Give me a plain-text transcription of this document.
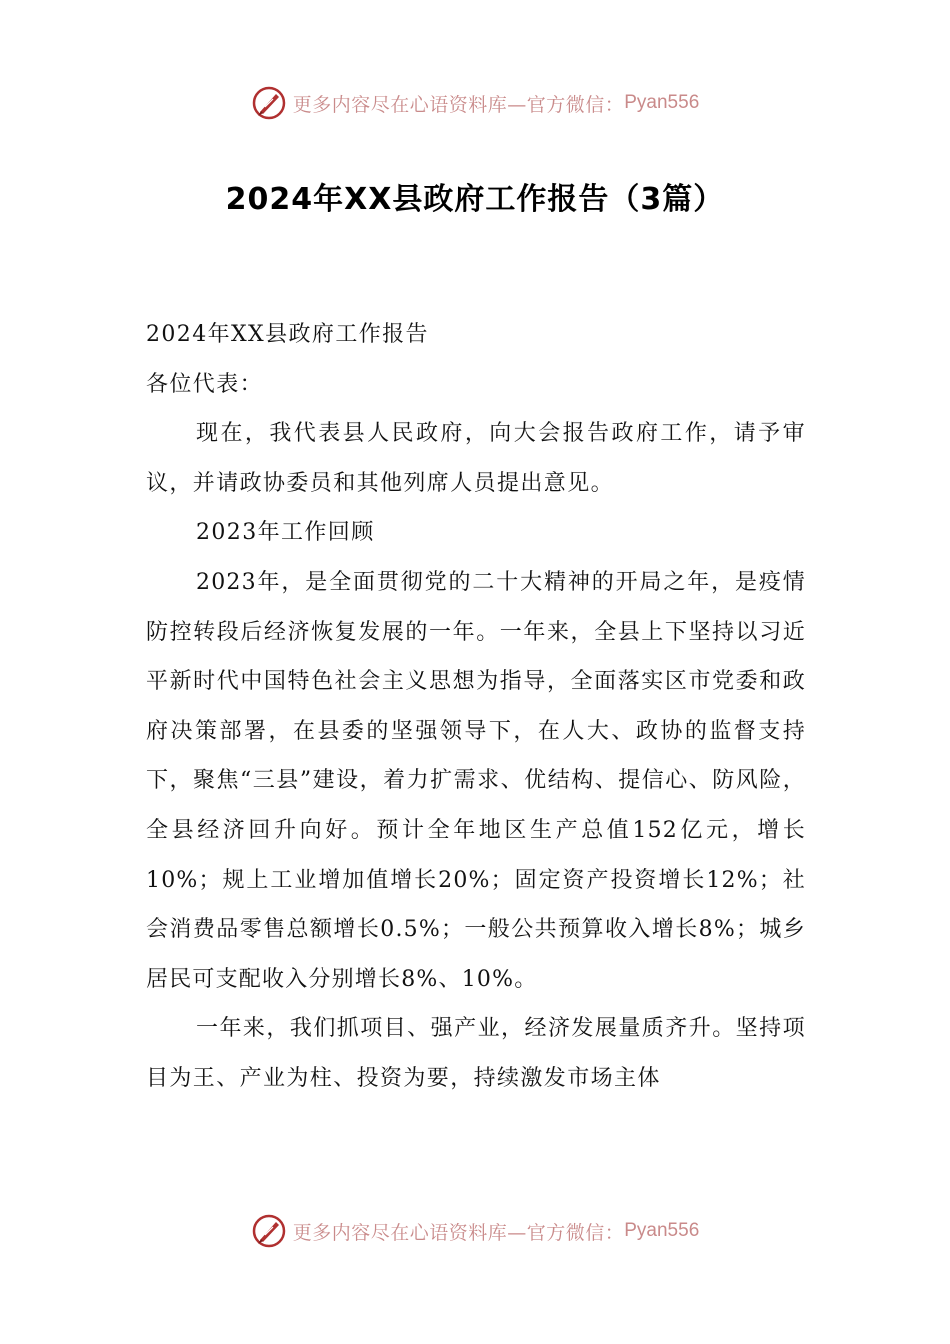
更多内容尽在心语资料库—官方微信： Pyan556
2024年XX县政府工作报告（3篇）

2024年XX县政府工作报告

各位代表：

现在，我代表县人民政府，向大会报告政府工作，请予审议，并请政协委员和其他列席人员提出意见。

2023年工作回顾

2023年，是全面贯彻党的二十大精神的开局之年，是疫情防控转段后经济恢复发展的一年。一年来，全县上下坚持以习近平新时代中国特色社会主义思想为指导，全面落实区市党委和政府决策部署，在县委的坚强领导下，在人大、政协的监督支持下，聚焦“三县”建设，着力扩需求、优结构、提信心、防风险，全县经济回升向好。预计全年地区生产总值152亿元，增长10%；规上工业增加值增长20%；固定资产投资增长12%；社会消费品零售总额增长0.5%；一般公共预算收入增长8%；城乡居民可支配收入分别增长8%、10%。

一年来，我们抓项目、强产业，经济发展量质齐升。坚持项目为王、产业为柱、投资为要，持续激发市场主体

更多内容尽在心语资料库—官方微信： Pyan556
